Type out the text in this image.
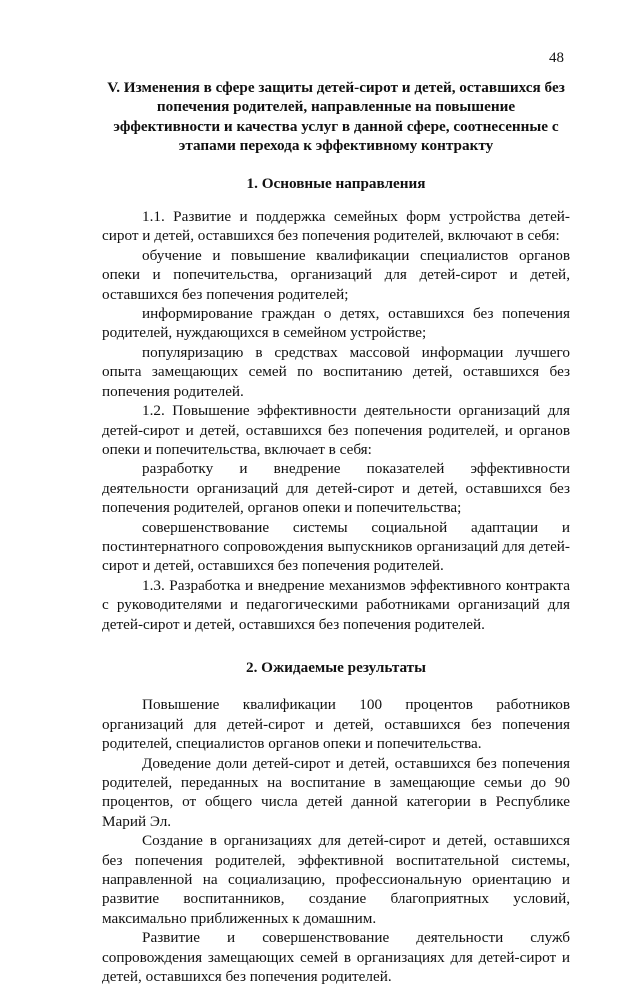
48

V. Изменения в сфере защиты детей-сирот и детей, оставшихся без попечения родителей, направленные на повышение эффективности и качества услуг в данной сфере, соотнесенные с этапами перехода к эффективному контракту

1. Основные направления

1.1. Развитие и поддержка семейных форм устройства детей-сирот и детей, оставшихся без попечения родителей, включают в себя:

обучение и повышение квалификации специалистов органов опеки и попечительства, организаций для детей-сирот и детей, оставшихся без попечения родителей;

информирование граждан о детях, оставшихся без попечения родителей, нуждающихся в семейном устройстве;

популяризацию в средствах массовой информации лучшего опыта замещающих семей по воспитанию детей, оставшихся без попечения родителей.

1.2. Повышение эффективности деятельности организаций для детей-сирот и детей, оставшихся без попечения родителей, и органов опеки и попечительства, включает в себя:

разработку и внедрение показателей эффективности деятельности организаций для детей-сирот и детей, оставшихся без попечения родителей, органов опеки и попечительства;

совершенствование системы социальной адаптации и постинтернатного сопровождения выпускников организаций для детей-сирот и детей, оставшихся без попечения родителей.

1.3. Разработка и внедрение механизмов эффективного контракта с руководителями и педагогическими работниками организаций для детей-сирот и детей, оставшихся без попечения родителей.

2. Ожидаемые результаты

Повышение квалификации 100 процентов работников организаций для детей-сирот и детей, оставшихся без попечения родителей, специалистов органов опеки и попечительства.

Доведение доли детей-сирот и детей, оставшихся без попечения родителей, переданных на воспитание в замещающие семьи до 90 процентов, от общего числа детей данной категории в Республике Марий Эл.

Создание в организациях для детей-сирот и детей, оставшихся без попечения родителей, эффективной воспитательной системы, направленной на социализацию, профессиональную ориентацию и развитие воспитанников, создание благоприятных условий, максимально приближенных к домашним.

Развитие и совершенствование деятельности служб сопровождения замещающих семей в организациях для детей-сирот и детей, оставшихся без попечения родителей.
